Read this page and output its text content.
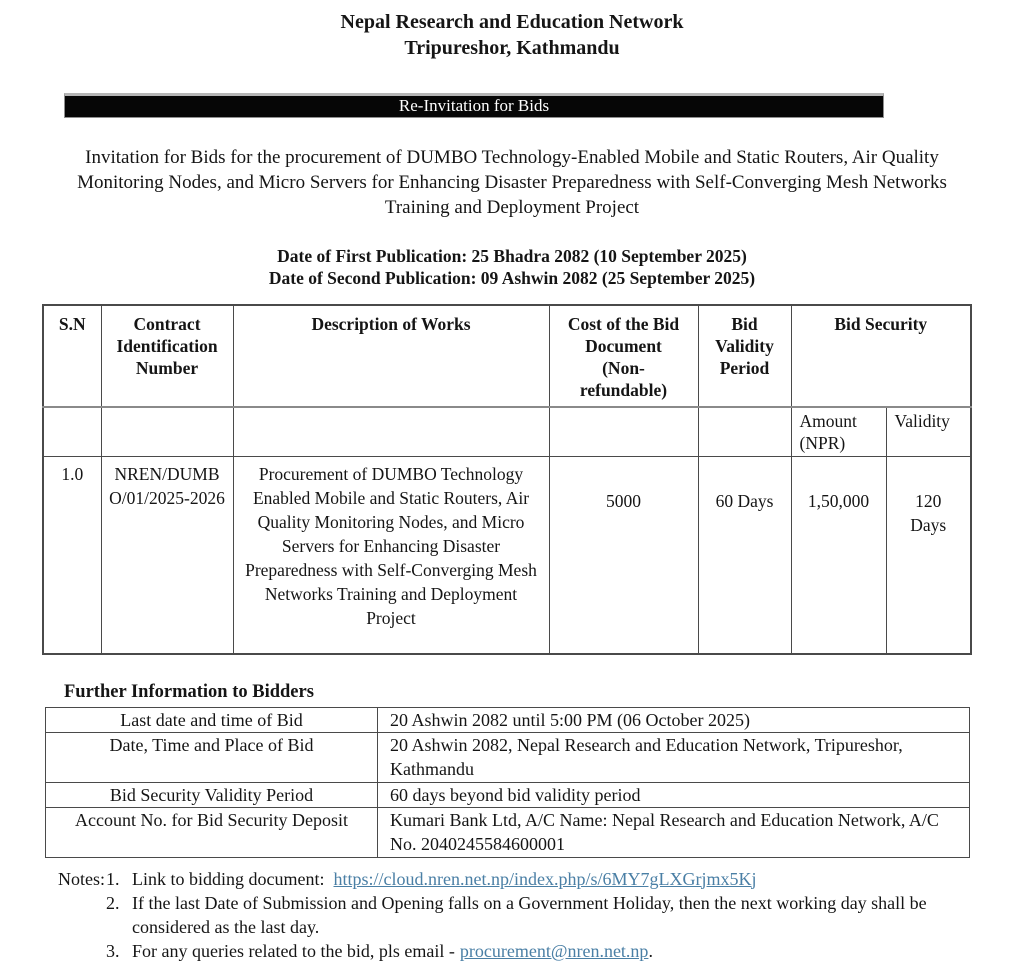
Nepal Research and Education Network
Tripureshor, Kathmandu
Re-Invitation for Bids
Invitation for Bids for the procurement of DUMBO Technology-Enabled Mobile and Static Routers, Air Quality Monitoring Nodes, and Micro Servers for Enhancing Disaster Preparedness with Self-Converging Mesh Networks Training and Deployment Project
Date of First Publication: 25 Bhadra 2082 (10 September 2025)
Date of Second Publication: 09 Ashwin 2082 (25 September 2025)
S.N	Contract Identification Number	Description of Works	Cost of the Bid Document (Non-refundable)	Bid Validity Period	Bid Security	
					Amount (NPR)	Validity
1.0	NREN/DUMBO/01/2025-2026	Procurement of DUMBO Technology Enabled Mobile and Static Routers, Air Quality Monitoring Nodes, and Micro Servers for Enhancing Disaster Preparedness with Self-Converging Mesh Networks Training and Deployment Project	5000	60 Days	1,50,000	120 Days
Further Information to Bidders
Last date and time of Bid	20 Ashwin 2082 until 5:00 PM (06 October 2025)
Date, Time and Place of Bid	20 Ashwin 2082, Nepal Research and Education Network, Tripureshor, Kathmandu
Bid Security Validity Period	60 days beyond bid validity period
Account No. for Bid Security Deposit	Kumari Bank Ltd, A/C Name: Nepal Research and Education Network, A/C No. 2040245584600001
Notes: 1. Link to bidding document: https://cloud.nren.net.np/index.php/s/6MY7gLXGrjmx5Kj
2. If the last Date of Submission and Opening falls on a Government Holiday, then the next working day shall be considered as the last day.
3. For any queries related to the bid, pls email - procurement@nren.net.np.
